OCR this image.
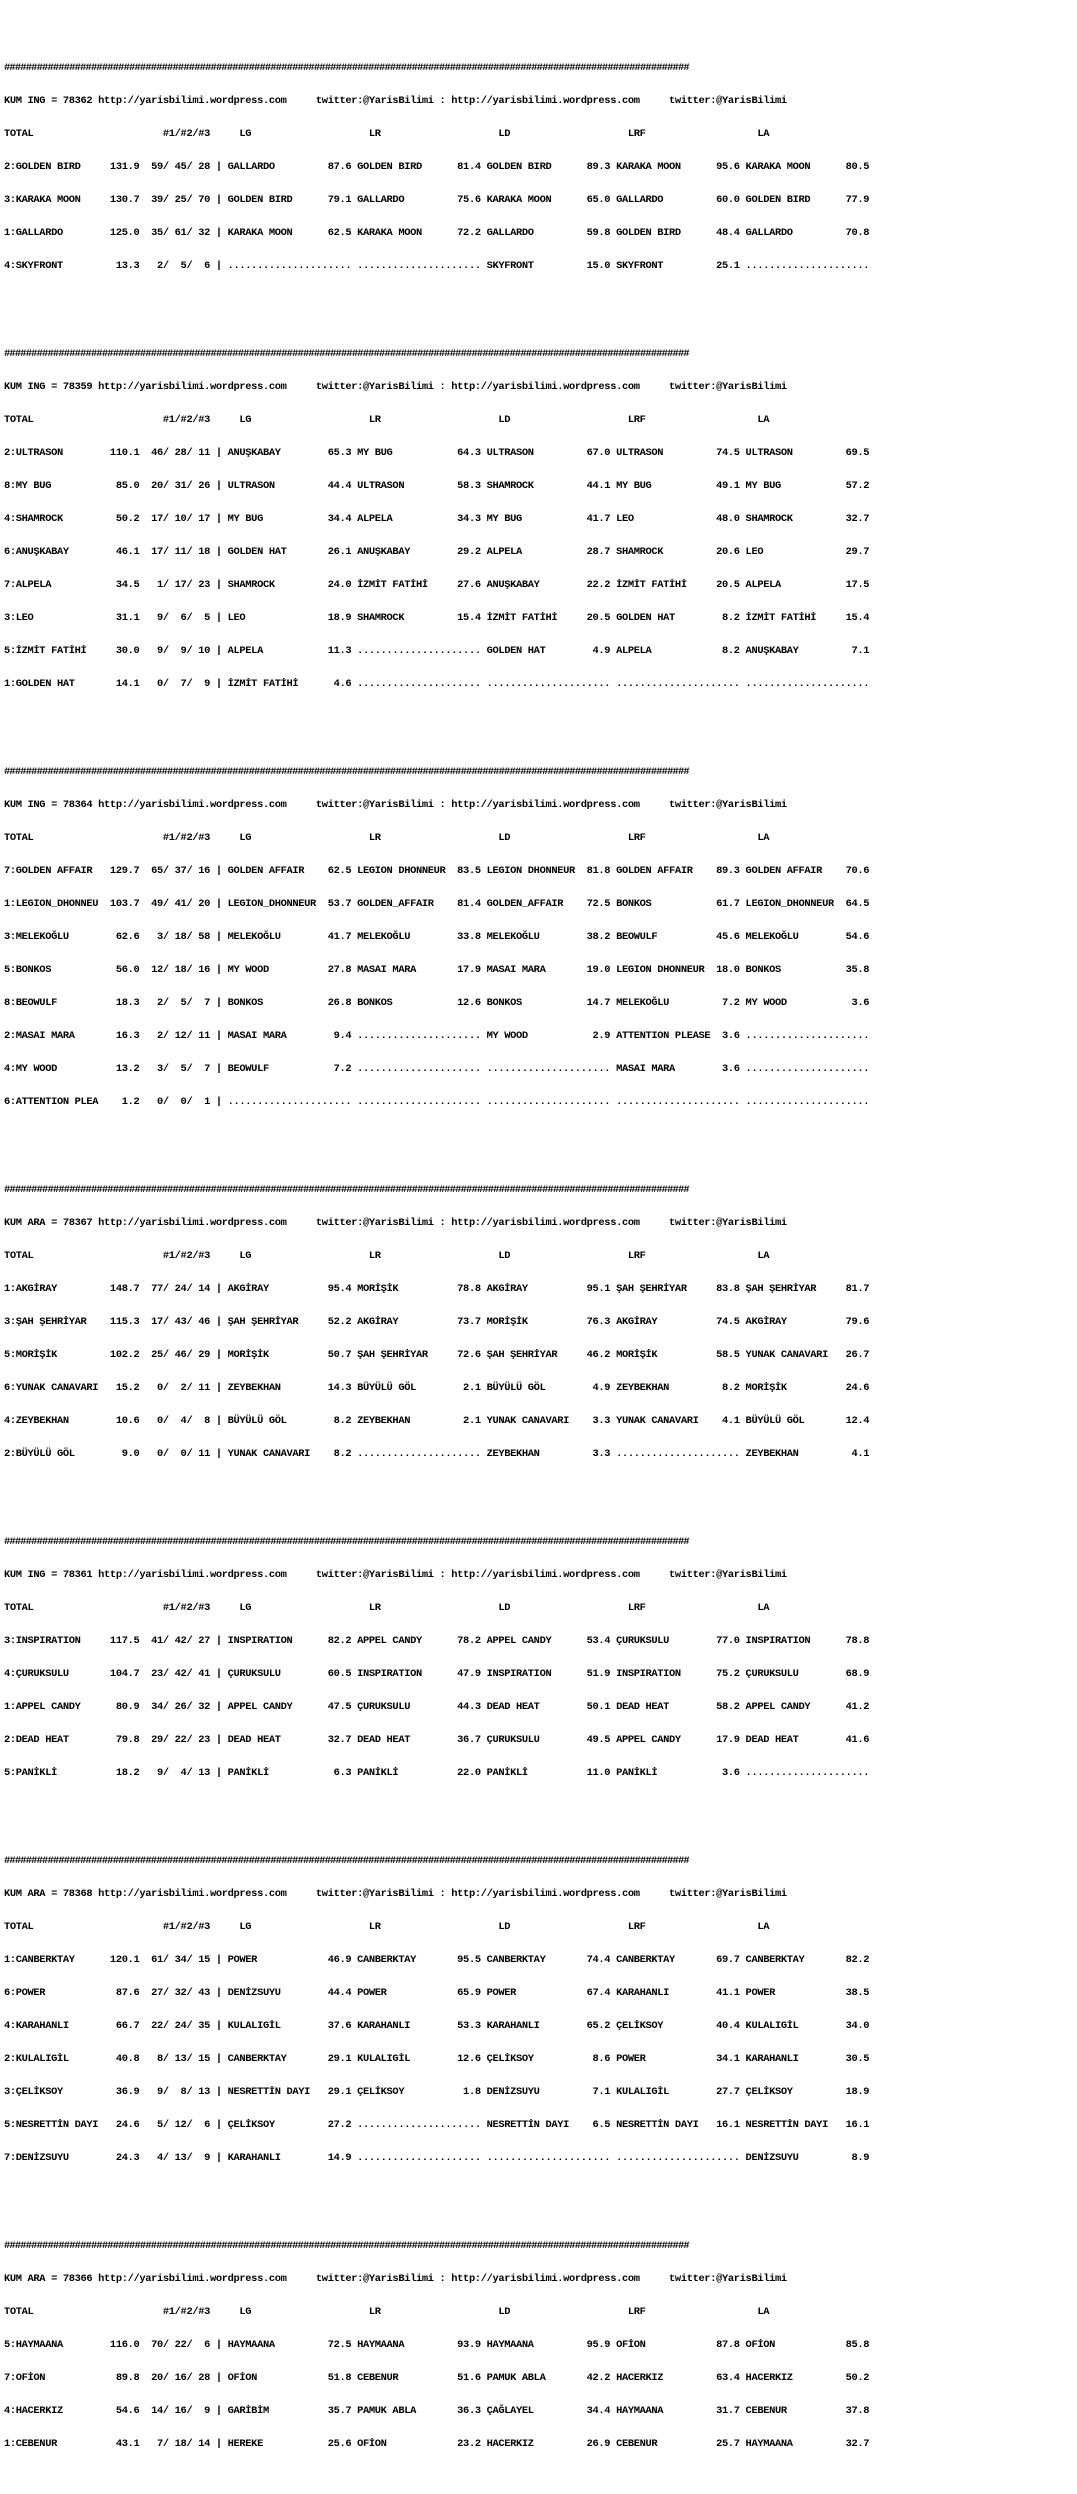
##############################################################################################################################

KUM ING = 78362 http://yarisbilimi.wordpress.com     twitter:@YarisBilimi : http://yarisbilimi.wordpress.com     twitter:@YarisBilimi

TOTAL                      #1/#2/#3     LG                    LR                    LD                    LRF                   LA

2:GOLDEN BIRD     131.9  59/ 45/ 28 | GALLARDO         87.6 GOLDEN BIRD      81.4 GOLDEN BIRD      89.3 KARAKA MOON      95.6 KARAKA MOON      80.5

3:KARAKA MOON     130.7  39/ 25/ 70 | GOLDEN BIRD      79.1 GALLARDO         75.6 KARAKA MOON      65.0 GALLARDO         60.0 GOLDEN BIRD      77.9

1:GALLARDO        125.0  35/ 61/ 32 | KARAKA MOON      62.5 KARAKA MOON      72.2 GALLARDO         59.8 GOLDEN BIRD      48.4 GALLARDO         70.8

4:SKYFRONT         13.3   2/  5/  6 | ..................... ..................... SKYFRONT         15.0 SKYFRONT         25.1 .....................

##############################################################################################################################

KUM ING = 78359 http://yarisbilimi.wordpress.com     twitter:@YarisBilimi : http://yarisbilimi.wordpress.com     twitter:@YarisBilimi

TOTAL                      #1/#2/#3     LG                    LR                    LD                    LRF                   LA

2:ULTRASON        110.1  46/ 28/ 11 | ANUŞKABAY        65.3 MY BUG           64.3 ULTRASON         67.0 ULTRASON         74.5 ULTRASON         69.5

8:MY BUG           85.0  20/ 31/ 26 | ULTRASON         44.4 ULTRASON         58.3 SHAMROCK         44.1 MY BUG           49.1 MY BUG           57.2

4:SHAMROCK         50.2  17/ 10/ 17 | MY BUG           34.4 ALPELA           34.3 MY BUG           41.7 LEO              48.0 SHAMROCK         32.7

6:ANUŞKABAY        46.1  17/ 11/ 18 | GOLDEN HAT       26.1 ANUŞKABAY        29.2 ALPELA           28.7 SHAMROCK         20.6 LEO              29.7

7:ALPELA           34.5   1/ 17/ 23 | SHAMROCK         24.0 İZMİT FATİHİ     27.6 ANUŞKABAY        22.2 İZMİT FATİHİ     20.5 ALPELA           17.5

3:LEO              31.1   9/  6/  5 | LEO              18.9 SHAMROCK         15.4 İZMİT FATİHİ     20.5 GOLDEN HAT        8.2 İZMİT FATİHİ     15.4

5:İZMİT FATİHİ     30.0   9/  9/ 10 | ALPELA           11.3 ..................... GOLDEN HAT        4.9 ALPELA            8.2 ANUŞKABAY         7.1

1:GOLDEN HAT       14.1   0/  7/  9 | İZMİT FATİHİ      4.6 ..................... ..................... ..................... .....................

##############################################################################################################################

KUM ING = 78364 http://yarisbilimi.wordpress.com     twitter:@YarisBilimi : http://yarisbilimi.wordpress.com     twitter:@YarisBilimi

TOTAL                      #1/#2/#3     LG                    LR                    LD                    LRF                   LA

7:GOLDEN AFFAIR   129.7  65/ 37/ 16 | GOLDEN AFFAIR    62.5 LEGION DHONNEUR  83.5 LEGION DHONNEUR  81.8 GOLDEN AFFAIR    89.3 GOLDEN AFFAIR    70.6

1:LEGION_DHONNEU  103.7  49/ 41/ 20 | LEGION_DHONNEUR  53.7 GOLDEN_AFFAIR    81.4 GOLDEN_AFFAIR    72.5 BONKOS           61.7 LEGION_DHONNEUR  64.5

3:MELEKOĞLU        62.6   3/ 18/ 58 | MELEKOĞLU        41.7 MELEKOĞLU        33.8 MELEKOĞLU        38.2 BEOWULF          45.6 MELEKOĞLU        54.6

5:BONKOS           56.0  12/ 18/ 16 | MY WOOD          27.8 MASAI MARA       17.9 MASAI MARA       19.0 LEGION DHONNEUR  18.0 BONKOS           35.8

8:BEOWULF          18.3   2/  5/  7 | BONKOS           26.8 BONKOS           12.6 BONKOS           14.7 MELEKOĞLU         7.2 MY WOOD           3.6

2:MASAI MARA       16.3   2/ 12/ 11 | MASAI MARA        9.4 ..................... MY WOOD           2.9 ATTENTION PLEASE  3.6 .....................

4:MY WOOD          13.2   3/  5/  7 | BEOWULF           7.2 ..................... ..................... MASAI MARA        3.6 .....................

6:ATTENTION PLEA    1.2   0/  0/  1 | ..................... ..................... ..................... ..................... .....................

##############################################################################################################################

KUM ARA = 78367 http://yarisbilimi.wordpress.com     twitter:@YarisBilimi : http://yarisbilimi.wordpress.com     twitter:@YarisBilimi

TOTAL                      #1/#2/#3     LG                    LR                    LD                    LRF                   LA

1:AKGİRAY         148.7  77/ 24/ 14 | AKGİRAY          95.4 MORİŞİK          78.8 AKGİRAY          95.1 ŞAH ŞEHRİYAR     83.8 ŞAH ŞEHRİYAR     81.7

3:ŞAH ŞEHRİYAR    115.3  17/ 43/ 46 | ŞAH ŞEHRİYAR     52.2 AKGİRAY          73.7 MORİŞİK          76.3 AKGİRAY          74.5 AKGİRAY          79.6

5:MORİŞİK         102.2  25/ 46/ 29 | MORİŞİK          50.7 ŞAH ŞEHRİYAR     72.6 ŞAH ŞEHRİYAR     46.2 MORİŞİK          58.5 YUNAK CANAVARI   26.7

6:YUNAK CANAVARI   15.2   0/  2/ 11 | ZEYBEKHAN        14.3 BÜYÜLÜ GÖL        2.1 BÜYÜLÜ GÖL        4.9 ZEYBEKHAN         8.2 MORİŞİK          24.6

4:ZEYBEKHAN        10.6   0/  4/  8 | BÜYÜLÜ GÖL        8.2 ZEYBEKHAN         2.1 YUNAK CANAVARI    3.3 YUNAK CANAVARI    4.1 BÜYÜLÜ GÖL       12.4

2:BÜYÜLÜ GÖL        9.0   0/  0/ 11 | YUNAK CANAVARI    8.2 ..................... ZEYBEKHAN         3.3 ..................... ZEYBEKHAN         4.1

##############################################################################################################################

KUM ING = 78361 http://yarisbilimi.wordpress.com     twitter:@YarisBilimi : http://yarisbilimi.wordpress.com     twitter:@YarisBilimi

TOTAL                      #1/#2/#3     LG                    LR                    LD                    LRF                   LA

3:INSPIRATION     117.5  41/ 42/ 27 | INSPIRATION      82.2 APPEL CANDY      78.2 APPEL CANDY      53.4 ÇURUKSULU        77.0 INSPIRATION      78.8

4:ÇURUKSULU       104.7  23/ 42/ 41 | ÇURUKSULU        60.5 INSPIRATION      47.9 INSPIRATION      51.9 INSPIRATION      75.2 ÇURUKSULU        68.9

1:APPEL CANDY      80.9  34/ 26/ 32 | APPEL CANDY      47.5 ÇURUKSULU        44.3 DEAD HEAT        50.1 DEAD HEAT        58.2 APPEL CANDY      41.2

2:DEAD HEAT        79.8  29/ 22/ 23 | DEAD HEAT        32.7 DEAD HEAT        36.7 ÇURUKSULU        49.5 APPEL CANDY      17.9 DEAD HEAT        41.6

5:PANİKLİ          18.2   9/  4/ 13 | PANİKLİ           6.3 PANİKLİ          22.0 PANİKLİ          11.0 PANİKLİ           3.6 .....................

##############################################################################################################################

KUM ARA = 78368 http://yarisbilimi.wordpress.com     twitter:@YarisBilimi : http://yarisbilimi.wordpress.com     twitter:@YarisBilimi

TOTAL                      #1/#2/#3     LG                    LR                    LD                    LRF                   LA

1:CANBERKTAY      120.1  61/ 34/ 15 | POWER            46.9 CANBERKTAY       95.5 CANBERKTAY       74.4 CANBERKTAY       69.7 CANBERKTAY       82.2

6:POWER            87.6  27/ 32/ 43 | DENİZSUYU        44.4 POWER            65.9 POWER            67.4 KARAHANLI        41.1 POWER            38.5

4:KARAHANLI        66.7  22/ 24/ 35 | KULALIGİL        37.6 KARAHANLI        53.3 KARAHANLI        65.2 ÇELİKSOY         40.4 KULALIGİL        34.0

2:KULALIGİL        40.8   8/ 13/ 15 | CANBERKTAY       29.1 KULALIGİL        12.6 ÇELİKSOY          8.6 POWER            34.1 KARAHANLI        30.5

3:ÇELİKSOY         36.9   9/  8/ 13 | NESRETTİN DAYI   29.1 ÇELİKSOY          1.8 DENİZSUYU         7.1 KULALIGİL        27.7 ÇELİKSOY         18.9

5:NESRETTİN DAYI   24.6   5/ 12/  6 | ÇELİKSOY         27.2 ..................... NESRETTİN DAYI    6.5 NESRETTİN DAYI   16.1 NESRETTİN DAYI   16.1

7:DENİZSUYU        24.3   4/ 13/  9 | KARAHANLI        14.9 ..................... ..................... ..................... DENİZSUYU         8.9

##############################################################################################################################

KUM ARA = 78366 http://yarisbilimi.wordpress.com     twitter:@YarisBilimi : http://yarisbilimi.wordpress.com     twitter:@YarisBilimi

TOTAL                      #1/#2/#3     LG                    LR                    LD                    LRF                   LA

5:HAYMAANA        116.0  70/ 22/  6 | HAYMAANA         72.5 HAYMAANA         93.9 HAYMAANA         95.9 OFİON            87.8 OFİON            85.8

7:OFİON            89.8  20/ 16/ 28 | OFİON            51.8 CEBENUR          51.6 PAMUK ABLA       42.2 HACERKIZ         63.4 HACERKIZ         50.2

4:HACERKIZ         54.6  14/ 16/  9 | GARİBİM          35.7 PAMUK ABLA       36.3 ÇAĞLAYEL         34.4 HAYMAANA         31.7 CEBENUR          37.8

1:CEBENUR          43.1   7/ 18/ 14 | HEREKE           25.6 OFİON            23.2 HACERKIZ         26.9 CEBENUR          25.7 HAYMAANA         32.7
